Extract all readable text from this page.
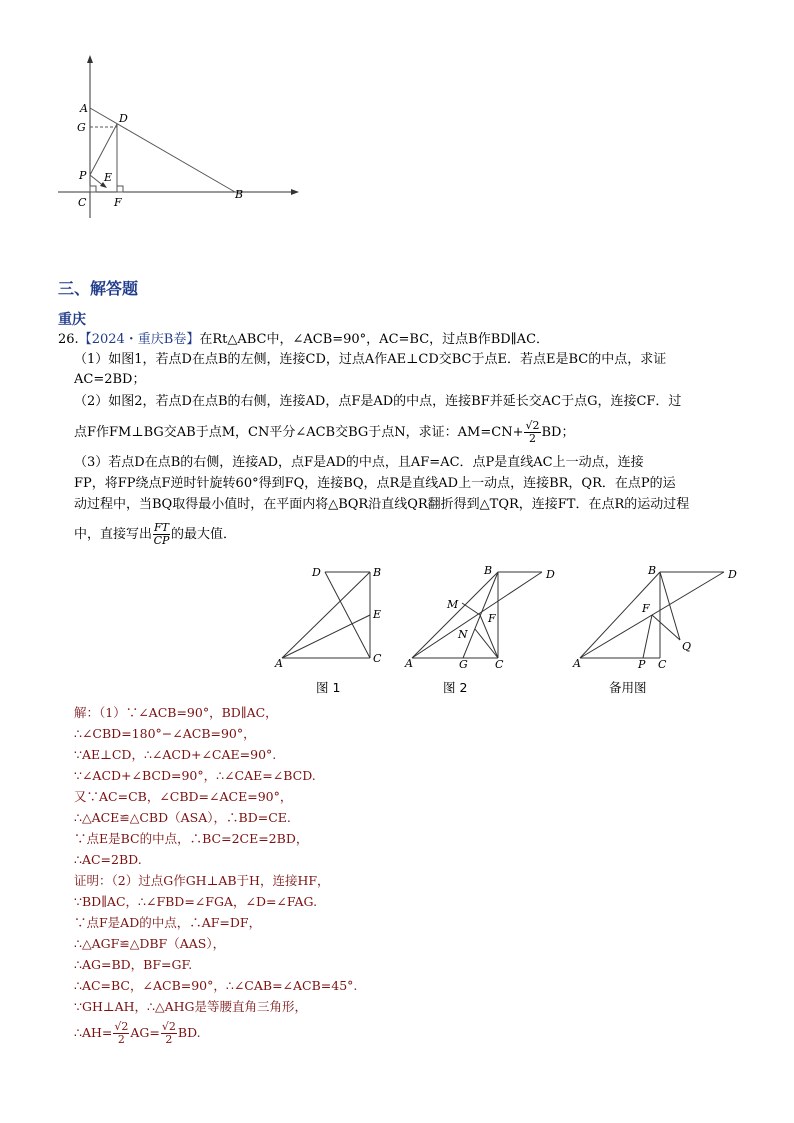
A
G
D
P E
C	F
B
三、解答题
重庆
26.【2024・重庆B卷】在Rt△ABC中，∠ACB=90°，AC=BC，过点B作BD∥AC．
（1）如图1，若点D在点B的左侧，连接CD，过点A作AE⊥CD交BC于点E．若点E是BC的中点，求证
AC=2BD；
（2）如图2，若点D在点B的右侧，连接AD，点F是AD的中点，连接BF并延长交AC于点G，连接CF．过
点F作FM⊥BG交AB于点M，CN平分∠ACB交BG于点N，求证：$AM=CN+ \frac{√2}{2}$ BD；
（3）若点D在点B的右侧，连接AD，点F是AD的中点，且AF=AC．点P是直线AC上一动点，连接
FP，将FP绕点F逆时针旋转60°得到FQ，连接BQ，点R是直线AD上一动点，连接BR，QR．在点P的运
动过程中，当BQ取得最小值时，在平面内将△BQR沿直线QR翻折得到△TQR，连接FT．在点R的运动过程
中，直接写出 $\frac{FT}{CP}$ 的最大值．
D	B
E
A	C
图 1
B	D
M
F
N
A	G C
图 2
B	D
F
Q
A	P C
备用图
解：（1）∵∠ACB=90°，BD∥AC，
∴∠CBD=180°−∠ACB=90°，
∵AE⊥CD，∴∠ACD+∠CAE=90°.
∵∠ACD+∠BCD=90°，∴∠CAE=∠BCD.
又∵AC=CB，∠CBD=∠ACE=90°，
∴△ACE≌△CBD（ASA），∴BD=CE.
∵点E是BC的中点，∴BC=2CE=2BD，
∴AC=2BD.
证明：（2）过点G作GH⊥AB于H，连接HF，
∵BD∥AC，∴∠FBD=∠FGA，∠D=∠FAG.
∵点F是AD的中点，∴AF=DF，
∴△AGF≌△DBF（AAS），
∴AG=BD，BF=GF.
∴AC=BC，∠ACB=90°，∴∠CAB=∠ACB=45°.
∵GH⊥AH，∴△AHG是等腰直角三角形，
∴AH= $\frac{√2}{2} AG= \frac{√2}{2}$ BD.
